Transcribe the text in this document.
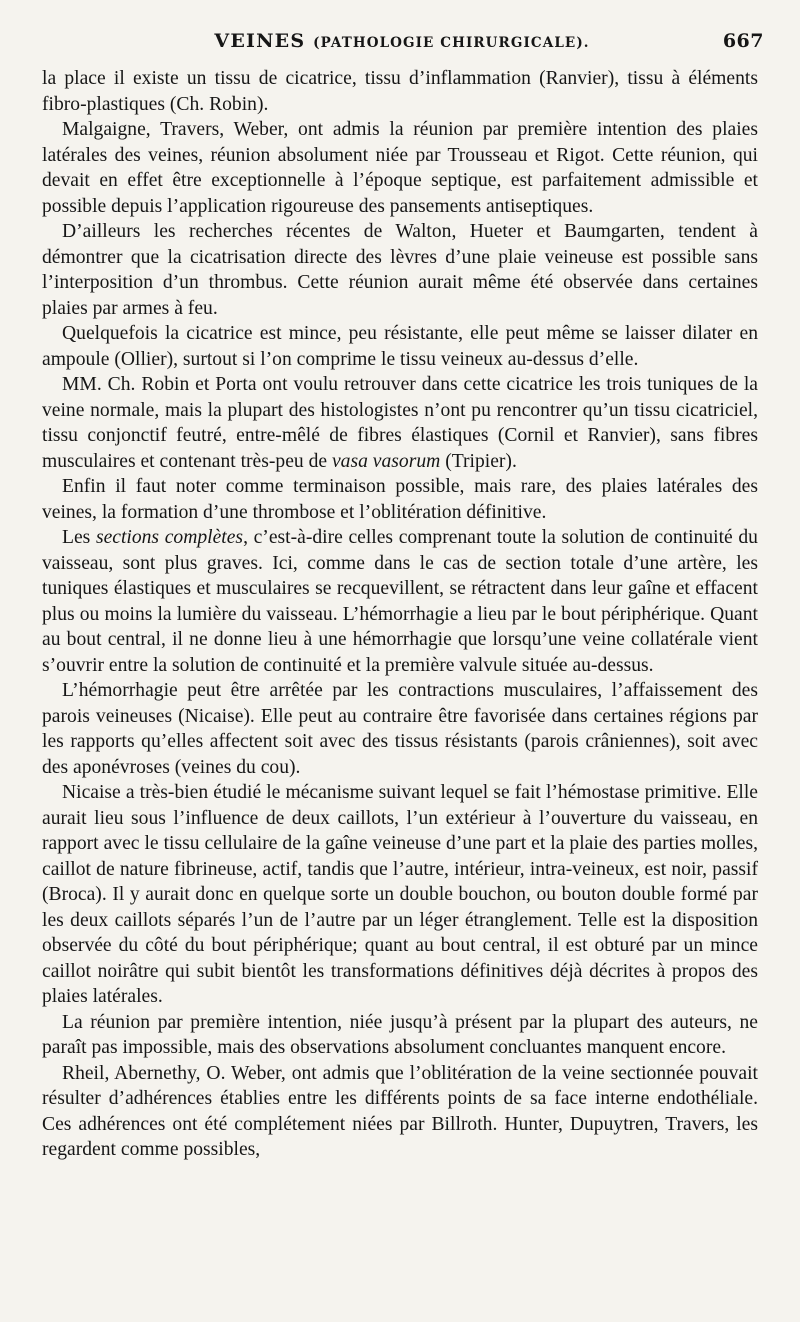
VEINES (PATHOLOGIE CHIRURGICALE).	667

la place il existe un tissu de cicatrice, tissu d’inflammation (Ranvier), tissu à éléments fibro-plastiques (Ch. Robin).

Malgaigne, Travers, Weber, ont admis la réunion par première intention des plaies latérales des veines, réunion absolument niée par Trousseau et Rigot. Cette réunion, qui devait en effet être exceptionnelle à l’époque septique, est parfaitement admissible et possible depuis l’application rigoureuse des pansements antiseptiques.

D’ailleurs les recherches récentes de Walton, Hueter et Baumgarten, tendent à démontrer que la cicatrisation directe des lèvres d’une plaie veineuse est possible sans l’interposition d’un thrombus. Cette réunion aurait même été observée dans certaines plaies par armes à feu.

Quelquefois la cicatrice est mince, peu résistante, elle peut même se laisser dilater en ampoule (Ollier), surtout si l’on comprime le tissu veineux au-dessus d’elle.

MM. Ch. Robin et Porta ont voulu retrouver dans cette cicatrice les trois tuniques de la veine normale, mais la plupart des histologistes n’ont pu rencontrer qu’un tissu cicatriciel, tissu conjonctif feutré, entre-mêlé de fibres élastiques (Cornil et Ranvier), sans fibres musculaires et contenant très-peu de vasa vasorum (Tripier).

Enfin il faut noter comme terminaison possible, mais rare, des plaies latérales des veines, la formation d’une thrombose et l’oblitération définitive.

Les sections complètes, c’est-à-dire celles comprenant toute la solution de continuité du vaisseau, sont plus graves. Ici, comme dans le cas de section totale d’une artère, les tuniques élastiques et musculaires se recquevillent, se rétractent dans leur gaîne et effacent plus ou moins la lumière du vaisseau. L’hémorrhagie a lieu par le bout périphérique. Quant au bout central, il ne donne lieu à une hémorrhagie que lorsqu’une veine collatérale vient s’ouvrir entre la solution de continuité et la première valvule située au-dessus.

L’hémorrhagie peut être arrêtée par les contractions musculaires, l’affaissement des parois veineuses (Nicaise). Elle peut au contraire être favorisée dans certaines régions par les rapports qu’elles affectent soit avec des tissus résistants (parois crâniennes), soit avec des aponévroses (veines du cou).

Nicaise a très-bien étudié le mécanisme suivant lequel se fait l’hémostase primitive. Elle aurait lieu sous l’influence de deux caillots, l’un extérieur à l’ouverture du vaisseau, en rapport avec le tissu cellulaire de la gaîne veineuse d’une part et la plaie des parties molles, caillot de nature fibrineuse, actif, tandis que l’autre, intérieur, intra-veineux, est noir, passif (Broca). Il y aurait donc en quelque sorte un double bouchon, ou bouton double formé par les deux caillots séparés l’un de l’autre par un léger étranglement. Telle est la disposition observée du côté du bout périphérique; quant au bout central, il est obturé par un mince caillot noirâtre qui subit bientôt les transformations définitives déjà décrites à propos des plaies latérales.

La réunion par première intention, niée jusqu’à présent par la plupart des auteurs, ne paraît pas impossible, mais des observations absolument concluantes manquent encore.

Rheil, Abernethy, O. Weber, ont admis que l’oblitération de la veine sectionnée pouvait résulter d’adhérences établies entre les différents points de sa face interne endothéliale. Ces adhérences ont été complétement niées par Billroth. Hunter, Dupuytren, Travers, les regardent comme possibles,
